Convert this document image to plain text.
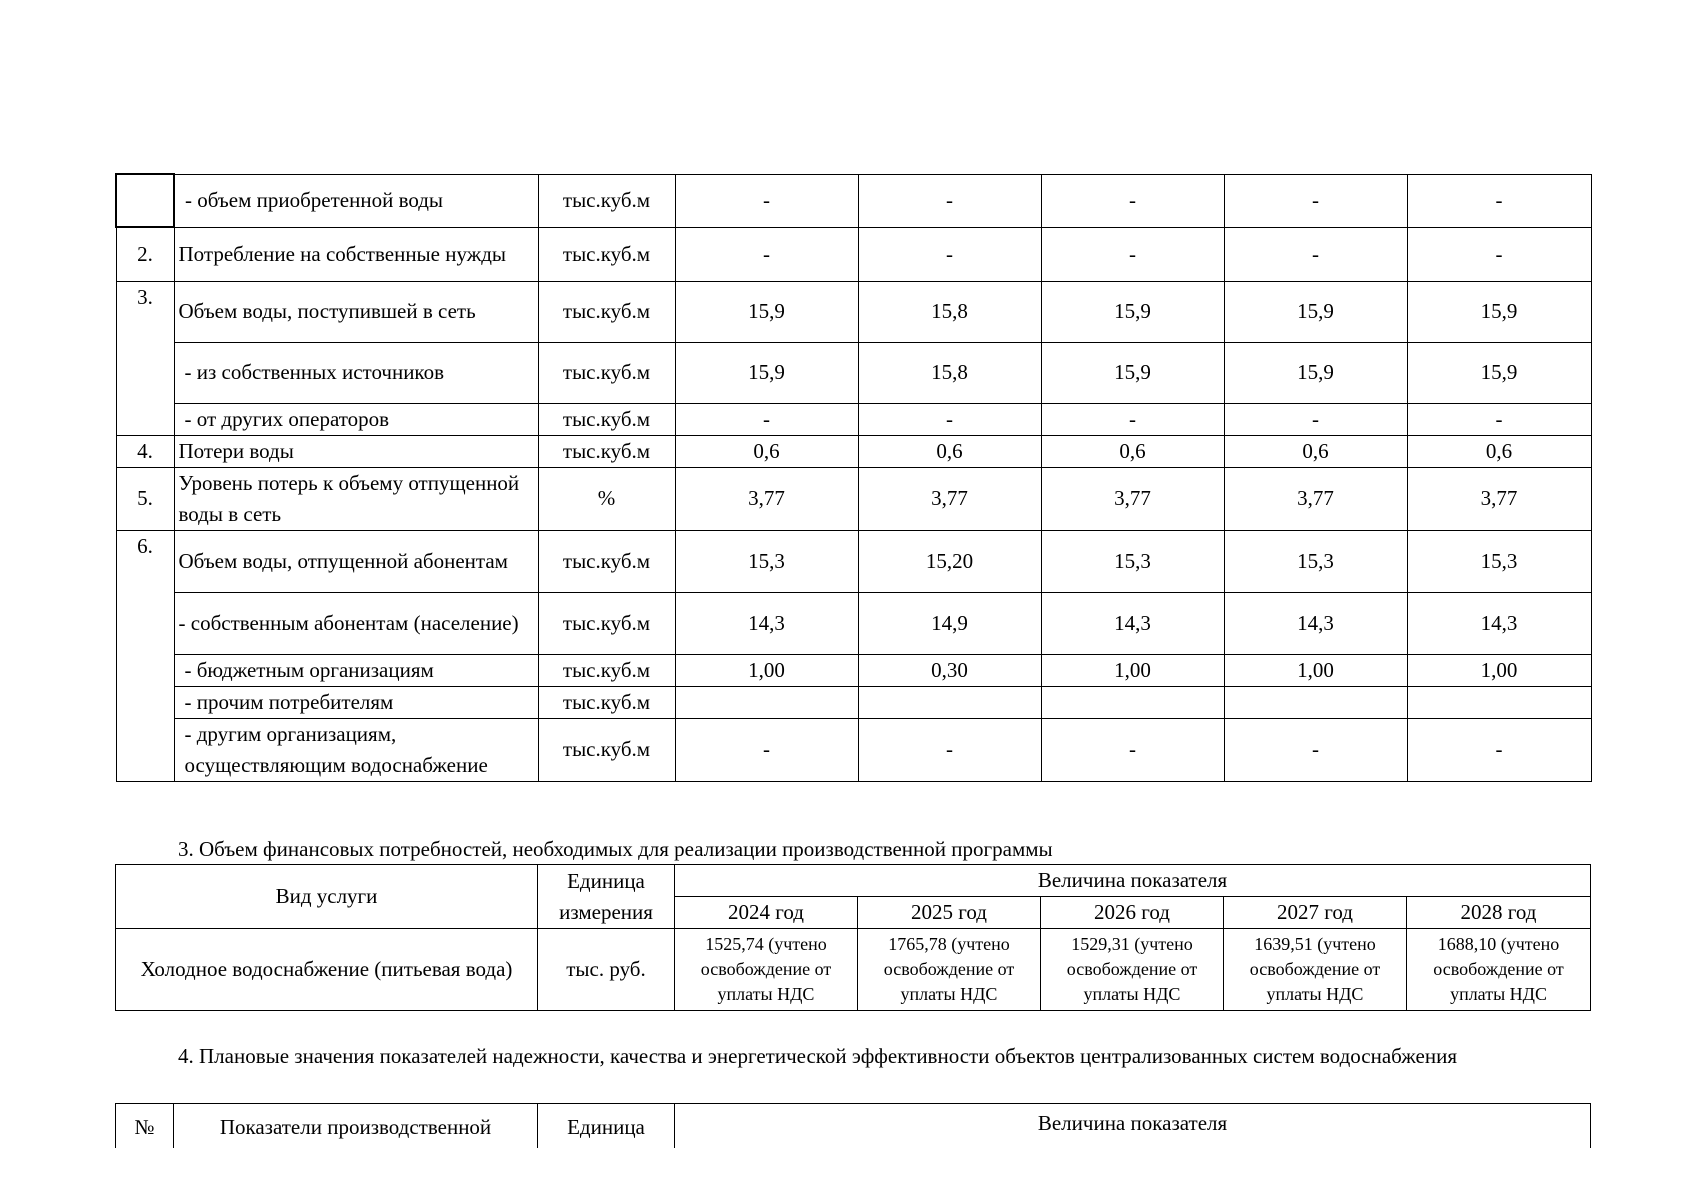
	- объем приобретенной воды	тыс.куб.м	-	-	-	-	-
2.	Потребление на собственные нужды	тыс.куб.м	-	-	-	-	-
3.	Объем воды, поступившей в сеть	тыс.куб.м	15,9	15,8	15,9	15,9	15,9
	- из собственных источников	тыс.куб.м	15,9	15,8	15,9	15,9	15,9
	- от других операторов	тыс.куб.м	-	-	-	-	-
4.	Потери воды	тыс.куб.м	0,6	0,6	0,6	0,6	0,6
5.	Уровень потерь к объему отпущенной воды в сеть	%	3,77	3,77	3,77	3,77	3,77
6.	Объем воды, отпущенной абонентам	тыс.куб.м	15,3	15,20	15,3	15,3	15,3
	- собственным абонентам (население)	тыс.куб.м	14,3	14,9	14,3	14,3	14,3
	- бюджетным организациям	тыс.куб.м	1,00	0,30	1,00	1,00	1,00
	- прочим потребителям	тыс.куб.м					
	- другим организациям, осуществляющим водоснабжение	тыс.куб.м	-	-	-	-	-
3. Объем финансовых потребностей, необходимых для реализации производственной программы
Вид услуги	Единица измерения	Величина показателя				
		2024 год	2025 год	2026 год	2027 год	2028 год
Холодное водоснабжение (питьевая вода)	тыс. руб.	1525,74 (учтено освобождение от уплаты НДС	1765,78 (учтено освобождение от уплаты НДС	1529,31 (учтено освобождение от уплаты НДС	1639,51 (учтено освобождение от уплаты НДС	1688,10 (учтено освобождение от уплаты НДС
4. Плановые значения показателей надежности, качества и энергетической эффективности объектов централизованных систем водоснабжения
№	Показатели производственной	Единица	Величина показателя
